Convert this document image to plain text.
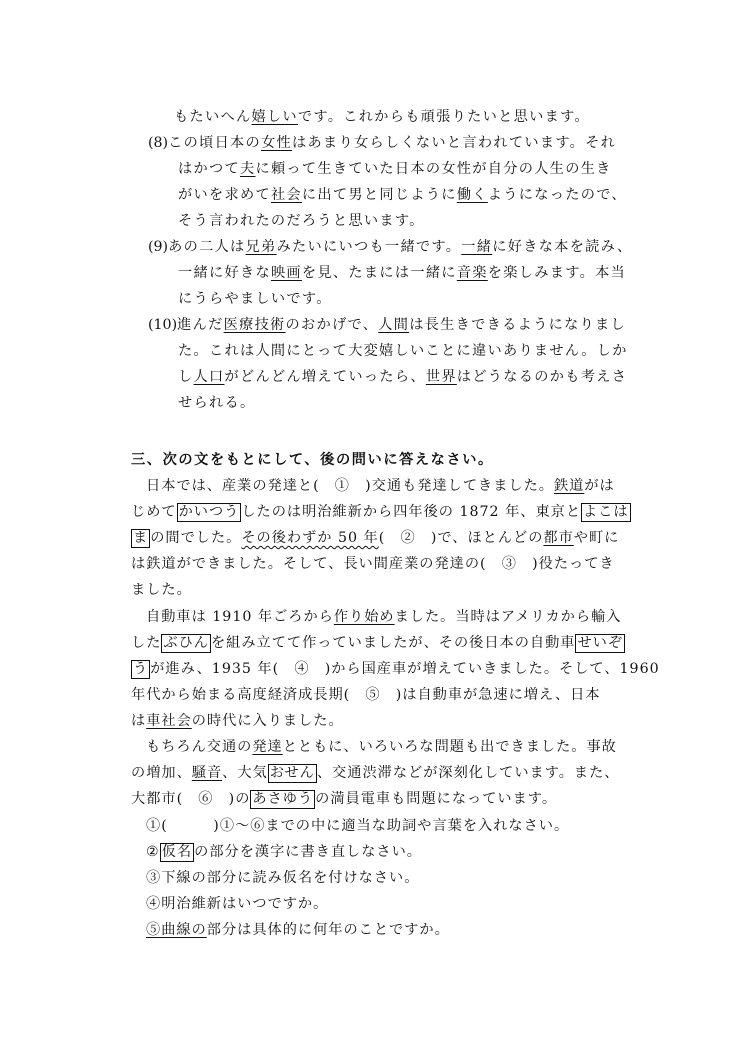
もたいへん嬉しいです。これからも頑張りたいと思います。
(8)この頃日本の女性はあまり女らしくないと言われています。それ
はかつて夫に頼って生きていた日本の女性が自分の人生の生き
がいを求めて社会に出て男と同じように働くようになったので、
そう言われたのだろうと思います。
(9)あの二人は兄弟みたいにいつも一緒です。一緒に好きな本を読み、
一緒に好きな映画を見、たまには一緒に音楽を楽しみます。本当
にうらやましいです。
(10)進んだ医療技術のおかげで、人間は長生きできるようになりまし
た。これは人間にとって大変嬉しいことに違いありません。しか
し人口がどんどん増えていったら、世界はどうなるのかも考えさ
せられる。
三、次の文をもとにして、後の問いに答えなさい。
日本では、産業の発達と(　①　)交通も発達してきました。鉄道がは
じめて かいつう したのは明治維新から四年後の 1872 年、東京と よこは
ま の間でした。その後わずか 50 年(　②　)で、ほとんどの都市や町に
は鉄道ができました。そして、長い間産業の発達の(　③　)役たってき
ました。
自動車は 1910 年ごろから作り始めました。当時はアメリカから輸入
した ぶひん を組み立てて作っていましたが、その後日本の自動車 せいぞ
う が進み、1935 年(　④　)から国産車が増えていきました。そして、1960
年代から始まる高度経済成長期(　⑤　)は自動車が急速に増え、日本
は車社会の時代に入りました。
もちろん交通の発達とともに、いろいろな問題も出できました。事故
の増加、騒音、大気 おせん 、交通渋滞などが深刻化しています。また、
大都市(　⑥　)の あさゆう の満員電車も問題になっています。
①(　　　)①～⑥までの中に適当な助詞や言葉を入れなさい。
② 仮名 の部分を漢字に書き直しなさい。
③下線の部分に読み仮名を付けなさい。
④明治維新はいつですか。
⑤曲線の部分は具体的に何年のことですか。
